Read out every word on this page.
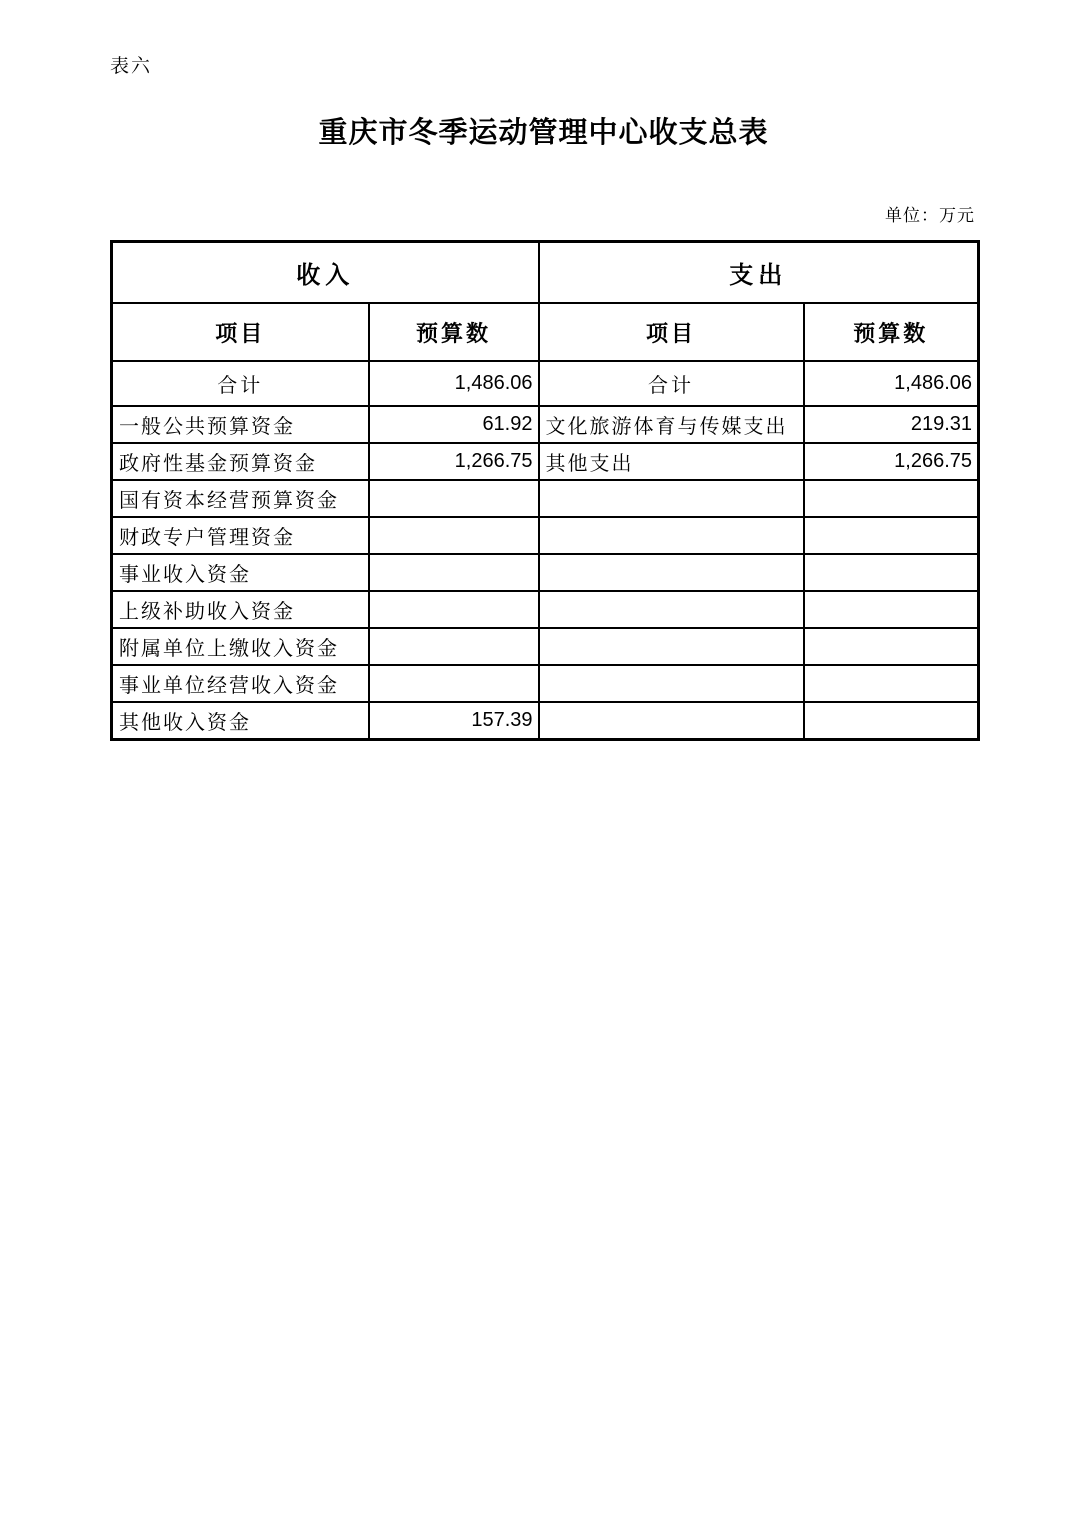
表六
重庆市冬季运动管理中心收支总表
单位：万元
收入		支出	
项目	预算数	项目	预算数
合计	1,486.06	合计	1,486.06
一般公共预算资金	61.92	文化旅游体育与传媒支出	219.31
政府性基金预算资金	1,266.75	其他支出	1,266.75
国有资本经营预算资金			
财政专户管理资金			
事业收入资金			
上级补助收入资金			
附属单位上缴收入资金			
事业单位经营收入资金			
其他收入资金	157.39		
